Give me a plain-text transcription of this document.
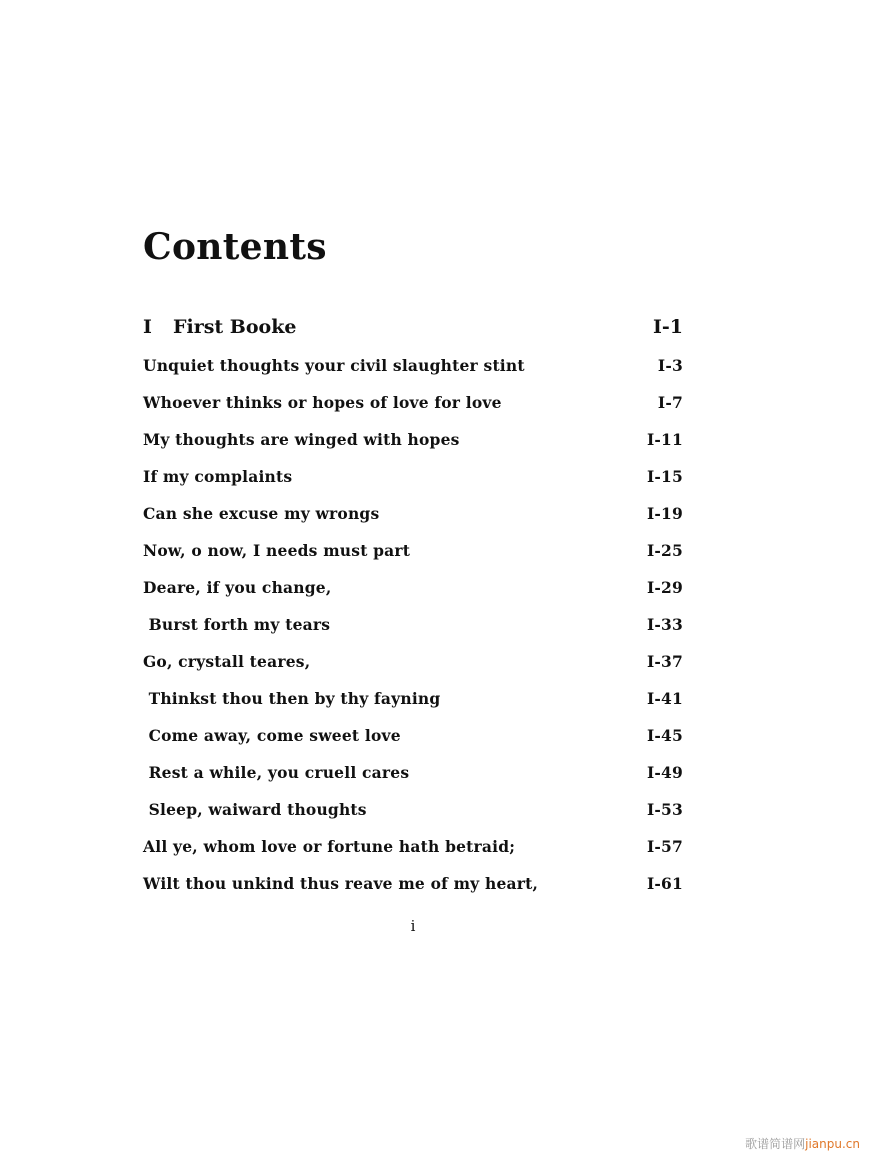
Contents
I First Booke	I-1
Unquiet thoughts your civil slaughter stint	I-3
Whoever thinks or hopes of love for love	I-7
My thoughts are winged with hopes	I-11
If my complaints	I-15
Can she excuse my wrongs	I-19
Now, o now, I needs must part	I-25
Deare, if you change,	I-29
Burst forth my tears	I-33
Go, crystall teares,	I-37
Thinkst thou then by thy fayning	I-41
Come away, come sweet love	I-45
Rest a while, you cruell cares	I-49
Sleep, waiward thoughts	I-53
All ye, whom love or fortune hath betraid;	I-57
Wilt thou unkind thus reave me of my heart,	I-61
i
歌谱简谱网jianpu.cn
